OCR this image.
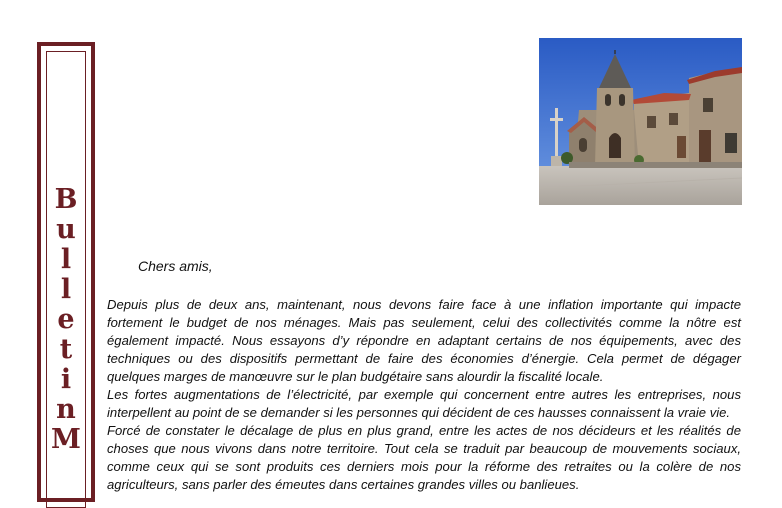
B
u
l
l
e
t
i
n
M
Chers amis,

Depuis plus de deux ans, maintenant, nous devons faire face à une inflation importante qui impacte fortement le budget de nos ménages. Mais pas seulement, celui des collectivités comme la nôtre est également impacté. Nous essayons d’y répondre en adaptant certains de nos équipements, avec des techniques ou des dispositifs permettant de faire des économies d’énergie. Cela permet de dégager quelques marges de manœuvre sur le plan budgétaire sans alourdir la fiscalité locale.

Les fortes augmentations de l’électricité, par exemple qui concernent entre autres les entreprises, nous interpellent au point de se demander si les personnes qui décident de ces hausses connaissent la vraie vie.

Forcé de constater le décalage de plus en plus grand, entre les actes de nos décideurs et les réalités de choses que nous vivons dans notre territoire. Tout cela se traduit par beaucoup de mouvements sociaux, comme ceux qui se sont produits ces derniers mois pour la réforme des retraites ou la colère de nos agriculteurs, sans parler des émeutes dans certaines grandes villes ou banlieues.
